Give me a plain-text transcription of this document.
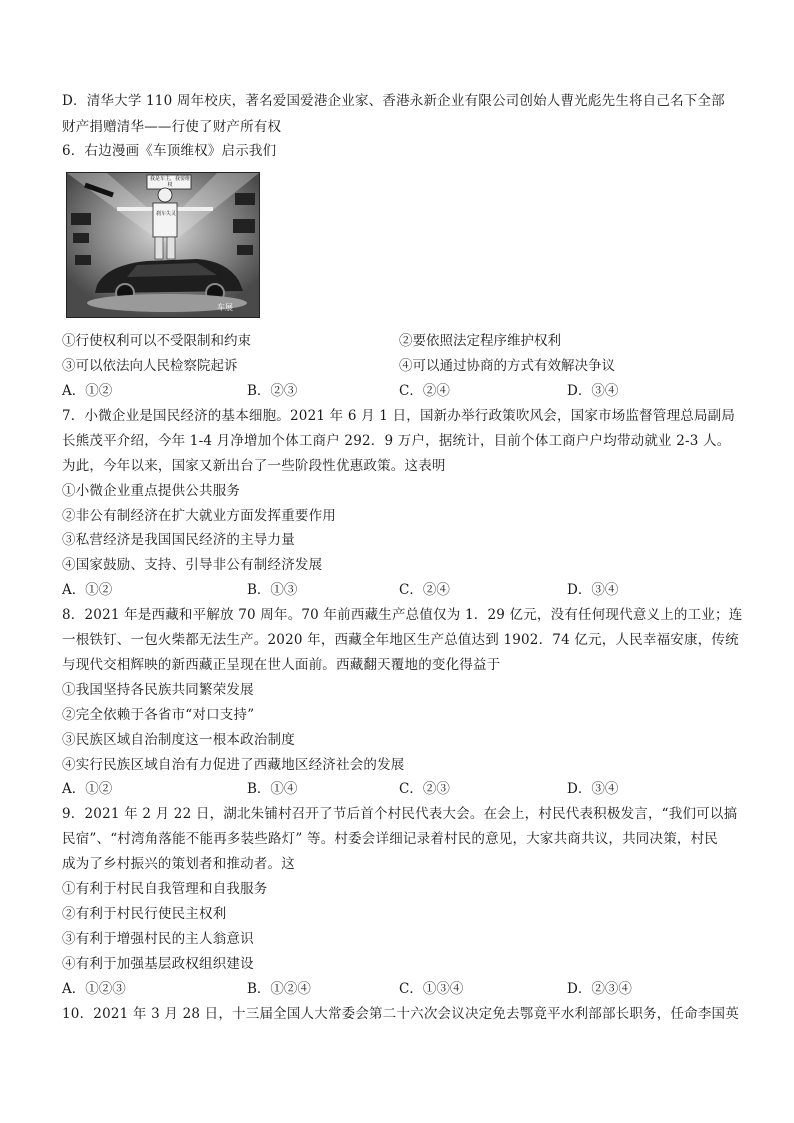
D．清华大学 110 周年校庆，著名爱国爱港企业家、香港永新企业有限公司创始人曹光彪先生将自己名下全部
财产捐赠清华——行使了财产所有权
6．右边漫画《车顶维权》启示我们
我是车主，我要维权
刹车失灵
车展
①行使权利可以不受限制和约束	②要依照法定程序维护权利
③可以依法向人民检察院起诉	④可以通过协商的方式有效解决争议
A．①②	B．②③	C．②④	D．③④
7．小微企业是国民经济的基本细胞。2021 年 6 月 1 日，国新办举行政策吹风会，国家市场监督管理总局副局
长熊茂平介绍，今年 1-4 月净增加个体工商户 292．9 万户，据统计，目前个体工商户户均带动就业 2-3 人。
为此，今年以来，国家又新出台了一些阶段性优惠政策。这表明
①小微企业重点提供公共服务
②非公有制经济在扩大就业方面发挥重要作用
③私营经济是我国国民经济的主导力量
④国家鼓励、支持、引导非公有制经济发展
A．①②	B．①③	C．②④	D．③④
8．2021 年是西藏和平解放 70 周年。70 年前西藏生产总值仅为 1．29 亿元，没有任何现代意义上的工业；连
一根铁钉、一包火柴都无法生产。2020 年，西藏全年地区生产总值达到 1902．74 亿元，人民幸福安康，传统
与现代交相辉映的新西藏正呈现在世人面前。西藏翻天覆地的变化得益于
①我国坚持各民族共同繁荣发展
②完全依赖于各省市“对口支持”
③民族区域自治制度这一根本政治制度
④实行民族区域自治有力促进了西藏地区经济社会的发展
A．①②	B．①④	C．②③	D．③④
9．2021 年 2 月 22 日，湖北朱铺村召开了节后首个村民代表大会。在会上，村民代表积极发言，“我们可以搞
民宿”、“村湾角落能不能再多装些路灯” 等。村委会详细记录着村民的意见，大家共商共议，共同决策，村民
成为了乡村振兴的策划者和推动者。这
①有利于村民自我管理和自我服务
②有利于村民行使民主权利
③有利于增强村民的主人翁意识
④有利于加强基层政权组织建设
A．①②③	B．①②④	C．①③④	D．②③④
10．2021 年 3 月 28 日，十三届全国人大常委会第二十六次会议决定免去鄂竟平水利部部长职务，任命李国英
